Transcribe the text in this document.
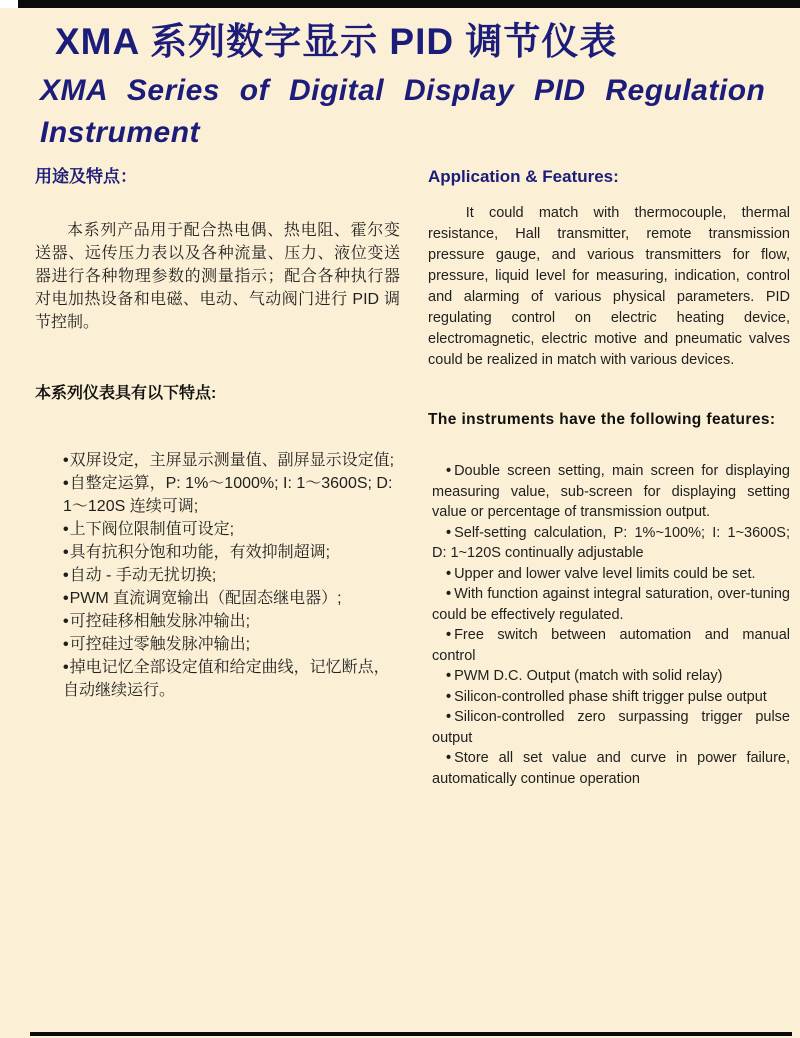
XMA 系列数字显示 PID 调节仪表
XMA Series of Digital Display PID Regulation
Instrument
用途及特点：

本系列产品用于配合热电偶、热电阻、霍尔变送器、远传压力表以及各种流量、压力、液位变送器进行各种物理参数的测量指示；配合各种执行器对电加热设备和电磁、电动、气动阀门进行 PID 调节控制。

本系列仪表具有以下特点:
• 双屏设定，主屏显示测量值、副屏显示设定值;
• 自整定运算，P: 1%～1000%; I: 1～3600S; D: 1～120S 连续可调;
• 上下阀位限制值可设定;
• 具有抗积分饱和功能，有效抑制超调;
• 自动 - 手动无扰切换;
• PWM 直流调宽输出（配固态继电器）;
• 可控硅移相触发脉冲输出;
• 可控硅过零触发脉冲输出;
• 掉电记忆全部设定值和给定曲线，记忆断点，自动继续运行。
Application & Features:

It could match with thermocouple, thermal resistance, Hall transmitter, remote transmission pressure gauge, and various transmitters for flow, pressure, liquid level for measuring, indication, control and alarming of various physical parameters. PID regulating control on electric heating device, electromagnetic, electric motive and pneumatic valves could be realized in match with various devices.

The instruments have the following features:
• Double screen setting, main screen for displaying measuring value, sub-screen for displaying setting value or percentage of transmission output.
• Self-setting calculation, P: 1%~100%; I: 1~3600S; D: 1~120S continually adjustable
• Upper and lower valve level limits could be set.
• With function against integral saturation, over-tuning could be effectively regulated.
• Free switch between automation and manual control
• PWM D.C. Output (match with solid relay)
• Silicon-controlled phase shift trigger pulse output
• Silicon-controlled zero surpassing trigger pulse output
• Store all set value and curve in power failure, automatically continue operation
